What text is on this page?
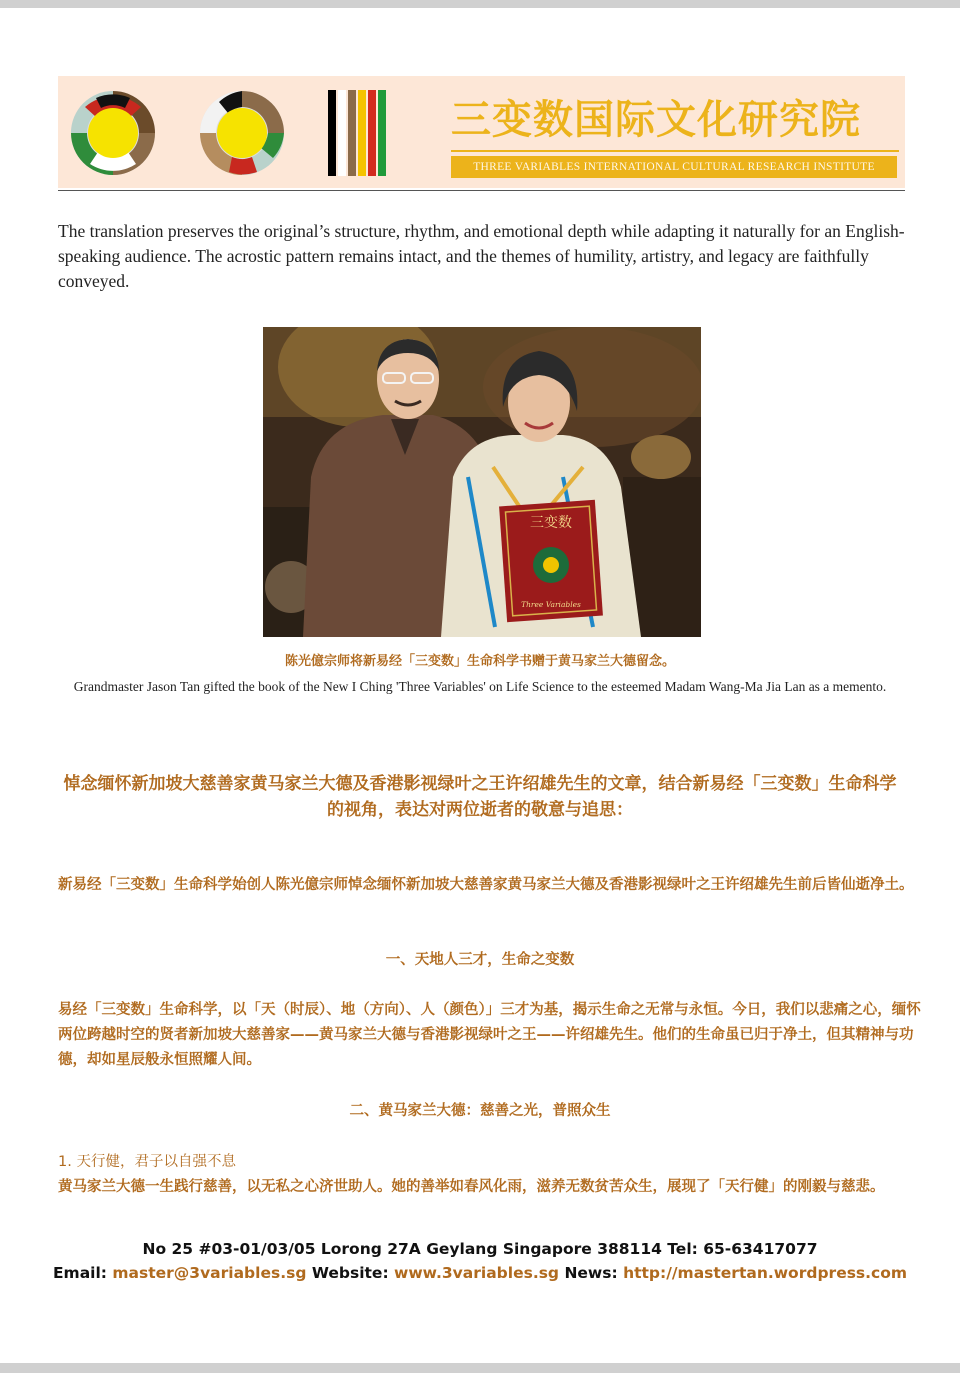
三变数国际文化研究院
THREE VARIABLES INTERNATIONAL CULTURAL RESEARCH INSTITUTE

The translation preserves the original’s structure, rhythm, and emotional depth while adapting it naturally for an English-speaking audience. The acrostic pattern remains intact, and the themes of humility, artistry, and legacy are faithfully conveyed.

三变数
Three Variables
陈光億宗师将新易经「三变数」生命科学书赠于黄马家兰大德留念。

Grandmaster Jason Tan gifted the book of the New I Ching 'Three Variables' on Life Science to the esteemed Madam Wang-Ma Jia Lan as a memento.

悼念缅怀新加坡大慈善家黄马家兰大德及香港影视绿叶之王许绍雄先生的文章，结合新易经「三变数」生命科学的视角，表达对两位逝者的敬意与追思：

新易经「三变数」生命科学始创人陈光億宗师悼念缅怀新加坡大慈善家黄马家兰大德及香港影视绿叶之王许绍雄先生前后皆仙逝净土。

一、天地人三才，生命之变数

易经「三变数」生命科学，以「天（时辰）、地（方向）、人（颜色）」三才为基，揭示生命之无常与永恒。今日，我们以悲痛之心，缅怀两位跨越时空的贤者新加坡大慈善家——黄马家兰大德与香港影视绿叶之王——许绍雄先生。他们的生命虽已归于净土，但其精神与功德，却如星辰般永恒照耀人间。

二、黄马家兰大德：慈善之光，普照众生

1. 天行健，君子以自强不息

黄马家兰大德一生践行慈善，以无私之心济世助人。她的善举如春风化雨，滋养无数贫苦众生，展现了「天行健」的刚毅与慈悲。

No 25 #03-01/03/05 Lorong 27A Geylang Singapore 388114 Tel: 65-63417077
Email: master@3variables.sg Website: www.3variables.sg News: http://mastertan.wordpress.com
